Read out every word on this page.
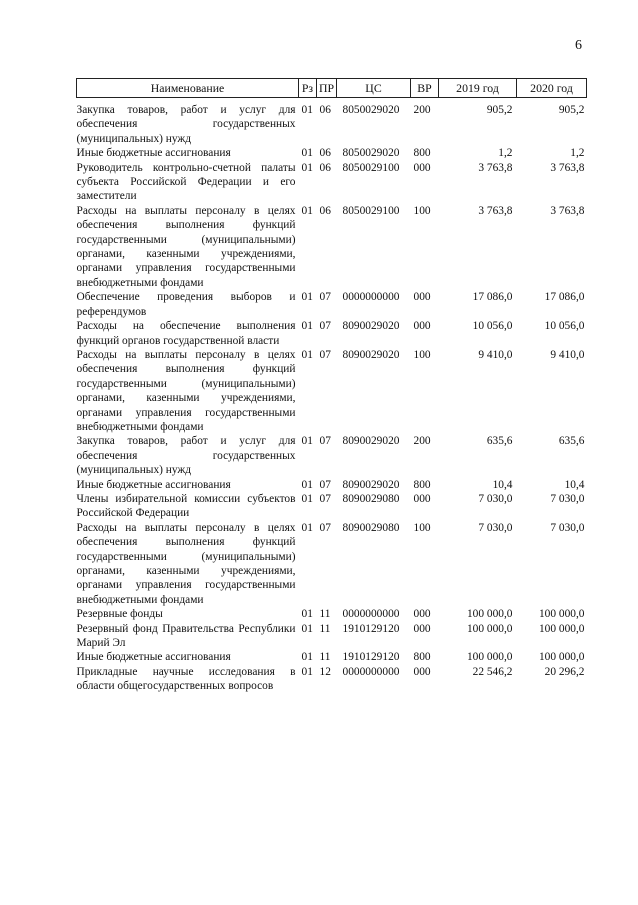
6
Наименование	Рз	ПР	ЦС	ВР	2019 год	2020 год

Закупка товаров, работ и услуг для обеспечения государственных (муниципальных) нужд	01	06	8050029020	200	905,2	905,2
Иные бюджетные ассигнования	01	06	8050029020	800	1,2	1,2
Руководитель контрольно-счетной палаты субъекта Российской Федерации и его заместители	01	06	8050029100	000	3 763,8	3 763,8
Расходы на выплаты персоналу в целях обеспечения выполнения функций государственными (муниципальными) органами, казенными учреждениями, органами управления государственными внебюджетными фондами	01	06	8050029100	100	3 763,8	3 763,8
Обеспечение проведения выборов и референдумов	01	07	0000000000	000	17 086,0	17 086,0
Расходы на обеспечение выполнения функций органов государственной власти	01	07	8090029020	000	10 056,0	10 056,0
Расходы на выплаты персоналу в целях обеспечения выполнения функций государственными (муниципальными) органами, казенными учреждениями, органами управления государственными внебюджетными фондами	01	07	8090029020	100	9 410,0	9 410,0
Закупка товаров, работ и услуг для обеспечения государственных (муниципальных) нужд	01	07	8090029020	200	635,6	635,6
Иные бюджетные ассигнования	01	07	8090029020	800	10,4	10,4
Члены избирательной комиссии субъектов Российской Федерации	01	07	8090029080	000	7 030,0	7 030,0
Расходы на выплаты персоналу в целях обеспечения выполнения функций государственными (муниципальными) органами, казенными учреждениями, органами управления государственными внебюджетными фондами	01	07	8090029080	100	7 030,0	7 030,0
Резервные фонды	01	11	0000000000	000	100 000,0	100 000,0
Резервный фонд Правительства Республики Марий Эл	01	11	1910129120	000	100 000,0	100 000,0
Иные бюджетные ассигнования	01	11	1910129120	800	100 000,0	100 000,0
Прикладные научные исследования в области общегосударственных вопросов	01	12	0000000000	000	22 546,2	20 296,2
